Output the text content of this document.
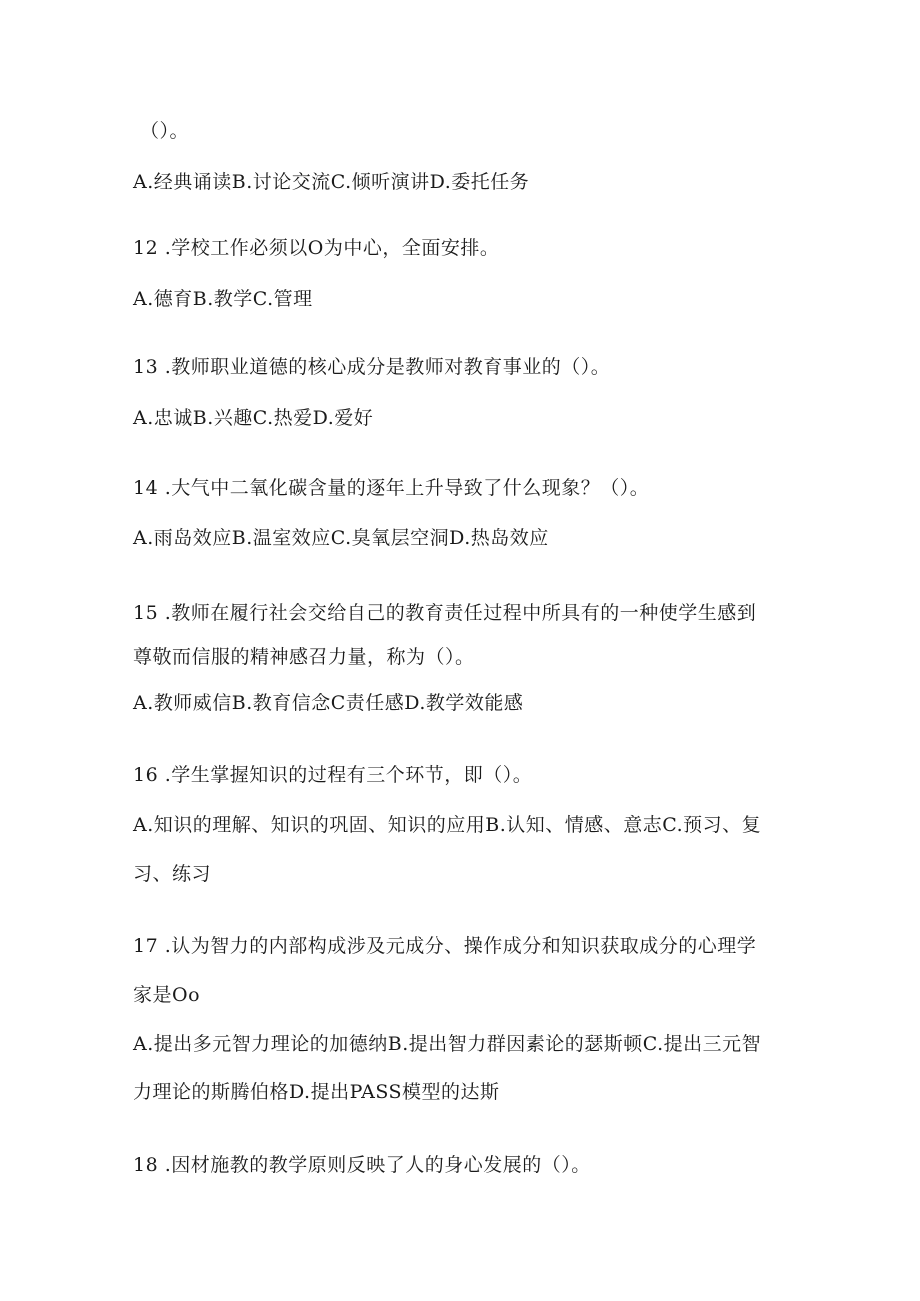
（）。
A.经典诵读B.讨论交流C.倾听演讲D.委托任务
12 .学校工作必须以O为中心，全面安排。
A.德育B.教学C.管理
13 .教师职业道德的核心成分是教师对教育事业的（）。
A.忠诚B.兴趣C.热爱D.爱好
14 .大气中二氧化碳含量的逐年上升导致了什么现象？（）。
A.雨岛效应B.温室效应C.臭氧层空洞D.热岛效应
15 .教师在履行社会交给自己的教育责任过程中所具有的一种使学生感到
尊敬而信服的精神感召力量，称为（）。
A.教师威信B.教育信念C责任感D.教学效能感
16 .学生掌握知识的过程有三个环节，即（）。
A.知识的理解、知识的巩固、知识的应用B.认知、情感、意志C.预习、复
习、练习
17 .认为智力的内部构成涉及元成分、操作成分和知识获取成分的心理学
家是Oo
A.提出多元智力理论的加德纳B.提出智力群因素论的瑟斯顿C.提出三元智
力理论的斯腾伯格D.提出PASS模型的达斯
18 .因材施教的教学原则反映了人的身心发展的（）。
